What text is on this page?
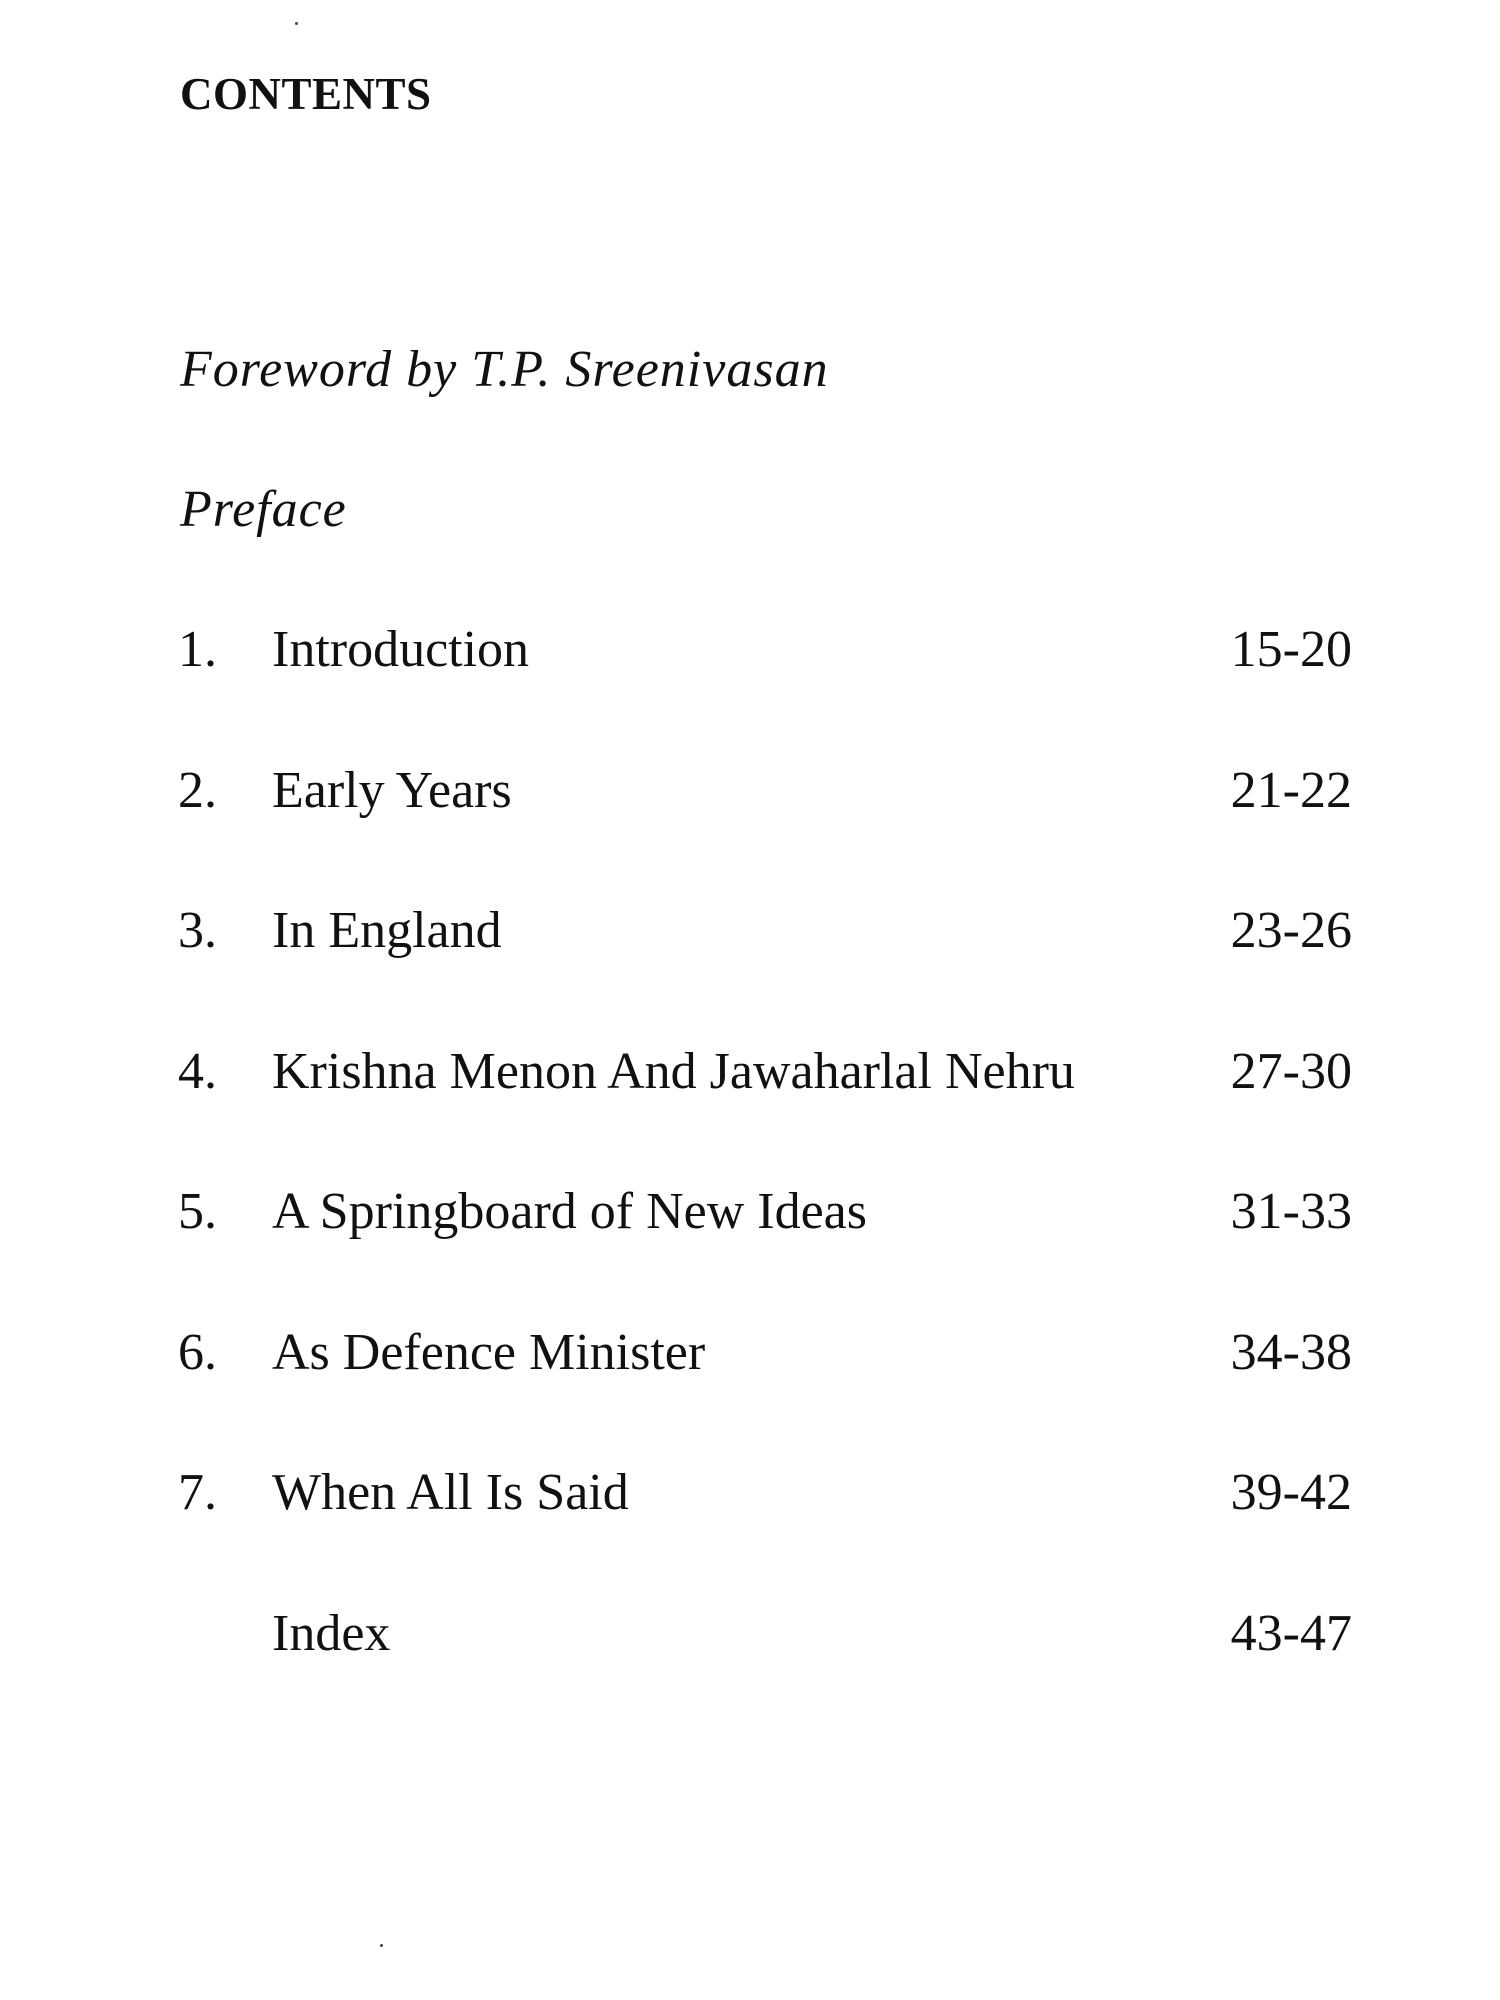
CONTENTS
Foreword by T.P. Sreenivasan
Preface
1. Introduction	15-20
2. Early Years	21-22
3. In England	23-26
4. Krishna Menon And Jawaharlal Nehru	27-30
5. A Springboard of New Ideas	31-33
6. As Defence Minister	34-38
7. When All Is Said	39-42
Index	43-47
